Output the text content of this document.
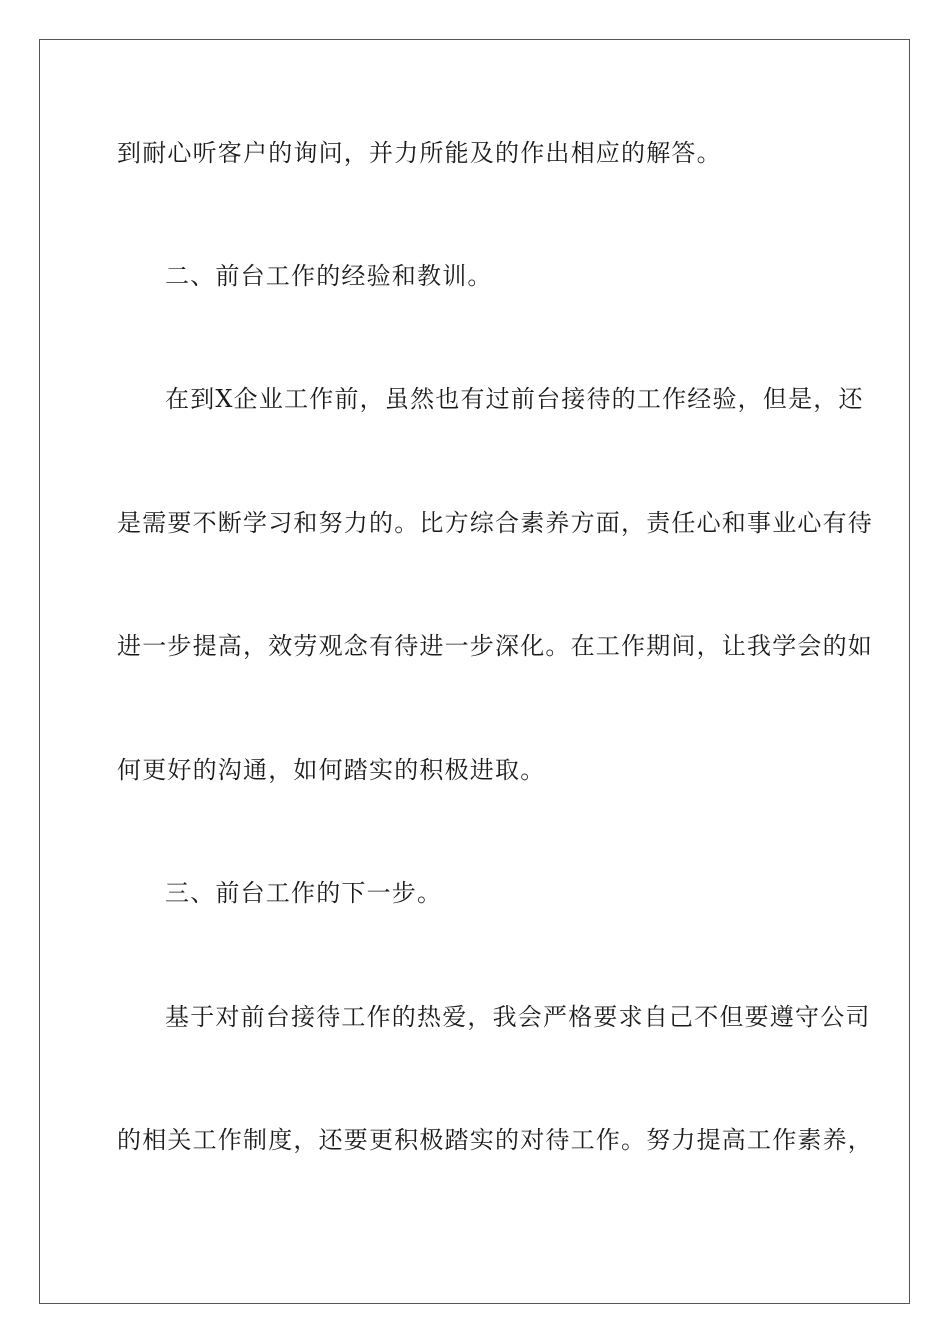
到耐心听客户的询问，并力所能及的作出相应的解答。
二、前台工作的经验和教训。
在到X企业工作前，虽然也有过前台接待的工作经验，但是，还
是需要不断学习和努力的。比方综合素养方面，责任心和事业心有待
进一步提高，效劳观念有待进一步深化。在工作期间，让我学会的如
何更好的沟通，如何踏实的积极进取。
三、前台工作的下一步。
基于对前台接待工作的热爱，我会严格要求自己不但要遵守公司
的相关工作制度，还要更积极踏实的对待工作。努力提高工作素养，
